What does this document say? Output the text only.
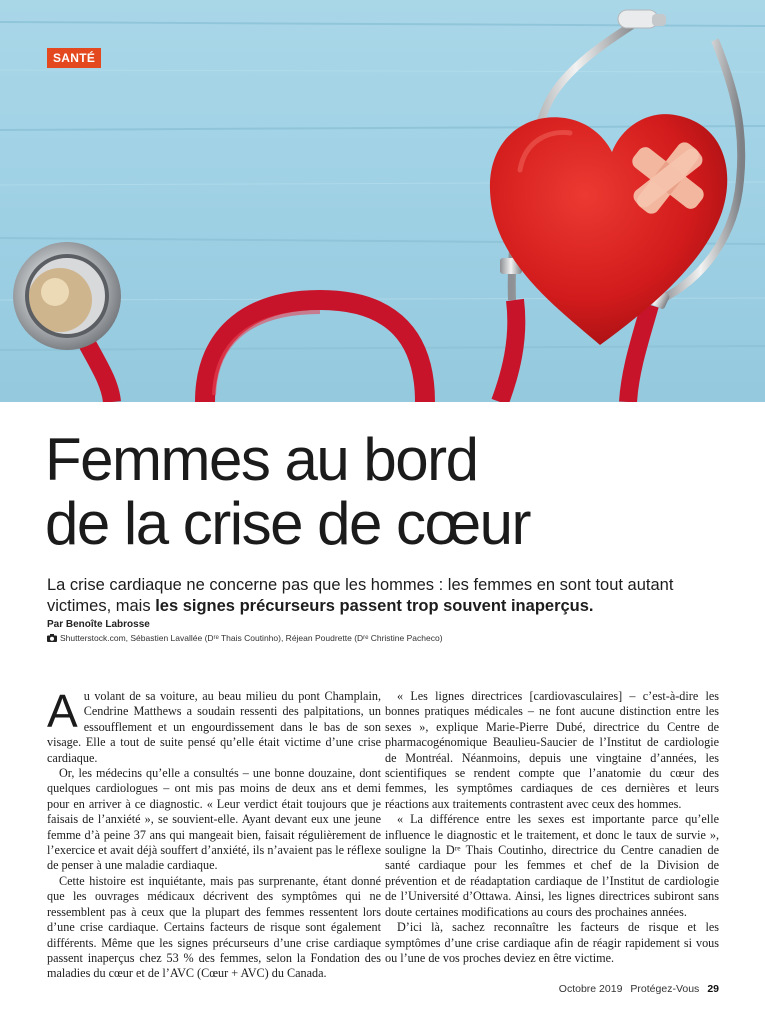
SANTÉ
Femmes au bord
de la crise de cœur

La crise cardiaque ne concerne pas que les hommes : les femmes en sont tout autant victimes, mais les signes précurseurs passent trop souvent inaperçus.

Par Benoîte Labrosse
Shutterstock.com, Sébastien Lavallée (Dʳᵉ Thais Coutinho), Réjean Poudrette (Dʳᵉ Christine Pacheco)

Au volant de sa voiture, au beau milieu du pont Champlain, Cendrine Matthews a soudain ressenti des palpitations, un essoufflement et un engourdissement dans le bas de son visage. Elle a tout de suite pensé qu’elle était victime d’une crise cardiaque.

Or, les médecins qu’elle a consultés – une bonne douzaine, dont quelques cardiologues – ont mis pas moins de deux ans et demi pour en arriver à ce diagnostic. « Leur verdict était toujours que je faisais de l’anxiété », se souvient-elle. Ayant devant eux une jeune femme d’à peine 37 ans qui mangeait bien, faisait régulièrement de l’exercice et avait déjà souffert d’anxiété, ils n’avaient pas le réflexe de penser à une maladie cardiaque.

Cette histoire est inquiétante, mais pas surprenante, étant donné que les ouvrages médicaux décrivent des symptômes qui ne ressemblent pas à ceux que la plupart des femmes ressentent lors d’une crise cardiaque. Certains facteurs de risque sont également différents. Même que les signes précurseurs d’une crise cardiaque passent inaperçus chez 53 % des femmes, selon la Fondation des maladies du cœur et de l’AVC (Cœur + AVC) du Canada.

« Les lignes directrices [cardiovasculaires] – c’est-à-dire les bonnes pratiques médicales – ne font aucune distinction entre les sexes », explique Marie-Pierre Dubé, directrice du Centre de pharmacogénomique Beaulieu-Saucier de l’Institut de cardiologie de Montréal. Néanmoins, depuis une vingtaine d’années, les scientifiques se rendent compte que l’anatomie du cœur des femmes, les symptômes cardiaques de ces dernières et leurs réactions aux traitements contrastent avec ceux des hommes.

« La différence entre les sexes est importante parce qu’elle influence le diagnostic et le traitement, et donc le taux de survie », souligne la Dʳᵉ Thais Coutinho, directrice du Centre canadien de santé cardiaque pour les femmes et chef de la Division de prévention et de réadaptation cardiaque de l’Institut de cardiologie de l’Université d’Ottawa. Ainsi, les lignes directrices subiront sans doute certaines modifications au cours des prochaines années.

D’ici là, sachez reconnaître les facteurs de risque et les symptômes d’une crise cardiaque afin de réagir rapidement si vous ou l’une de vos proches deviez en être victime.

Octobre 2019 Protégez-Vous 29
